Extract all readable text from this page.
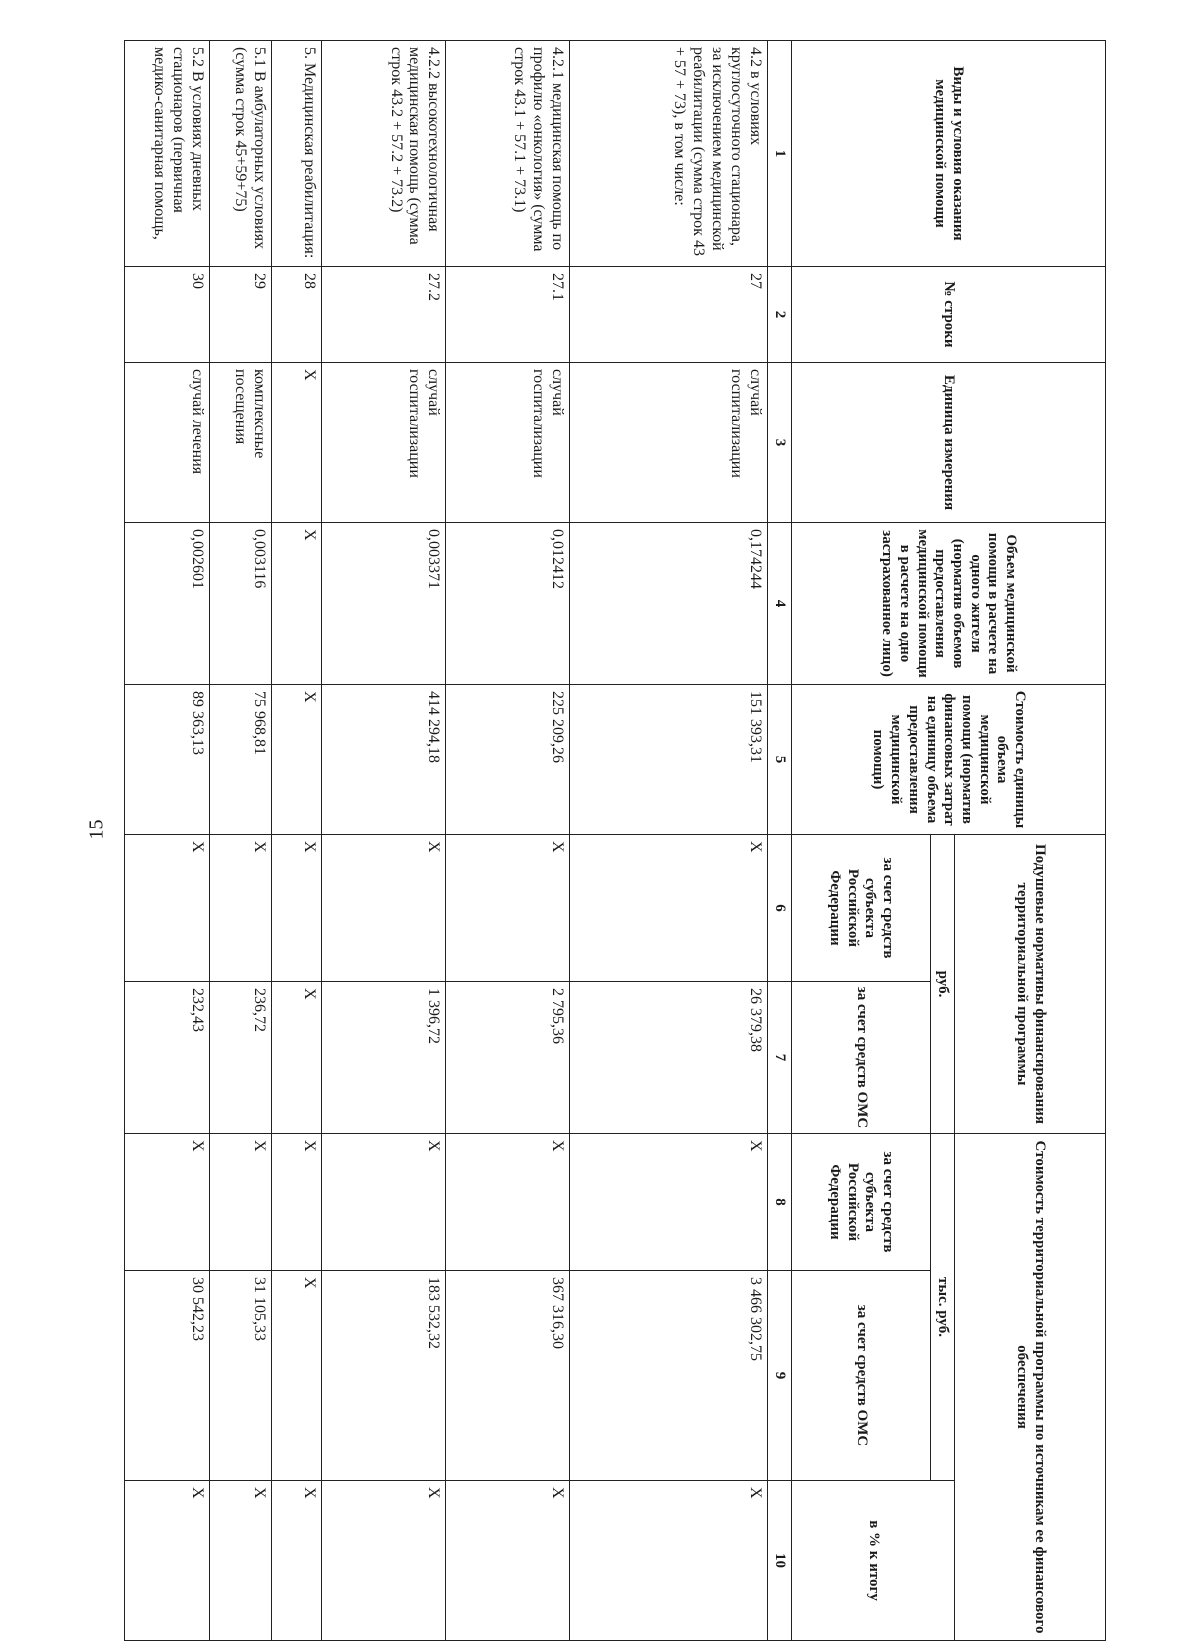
15
Виды и условия оказания медицинской помощи	№ строки	Единица измерения	Объем медицинской помощи в расчете на одного жителя (норматив объемов предоставления медицинской помощи в расчете на одно застрахованное лицо)	Стоимость единицы объема медицинской помощи (норматив финансовых затрат на единицу объема предоставления медицинской помощи)	Подушевые нормативы финансирования территориальной программы		Стоимость территориальной программы по источникам ее финансового обеспечения		
					руб.		тыс. руб.		в % к итогу
					за счет средств субъекта Российской Федерации	за счет средств ОМС	за счет средств субъекта Российской Федерации	за счет средств ОМС	
1	2	3	4	5	6	7	8	9	10
4.2 в условиях круглосуточного стационара, за исключением медицинской реабилитации (сумма строк 43 + 57 + 73), в том числе:	27	случай госпитализации	0,174244	151 393,31	X	26 379,38	X	3 466 302,75	X
4.2.1 медицинская помощь по профилю «онкология» (сумма строк 43.1 + 57.1 + 73.1)	27.1	случай госпитализации	0,012412	225 209,26	X	2 795,36	X	367 316,30	X
4.2.2 высокотехнологичная медицинская помощь (сумма строк 43.2 + 57.2 + 73.2)	27.2	случай госпитализации	0,003371	414 294,18	X	1 396,72	X	183 532,32	X
5. Медицинская реабилитация:	28	X	X	X	X	X	X	X	X
5.1 В амбулаторных условиях (сумма строк 45+59+75)	29	комплексные посещения	0,003116	75 968,81	X	236,72	X	31 105,33	X
5.2 В условиях дневных стационаров (первичная медико-санитарная помощь,	30	случай лечения	0,002601	89 363,13	X	232,43	X	30 542,23	X
